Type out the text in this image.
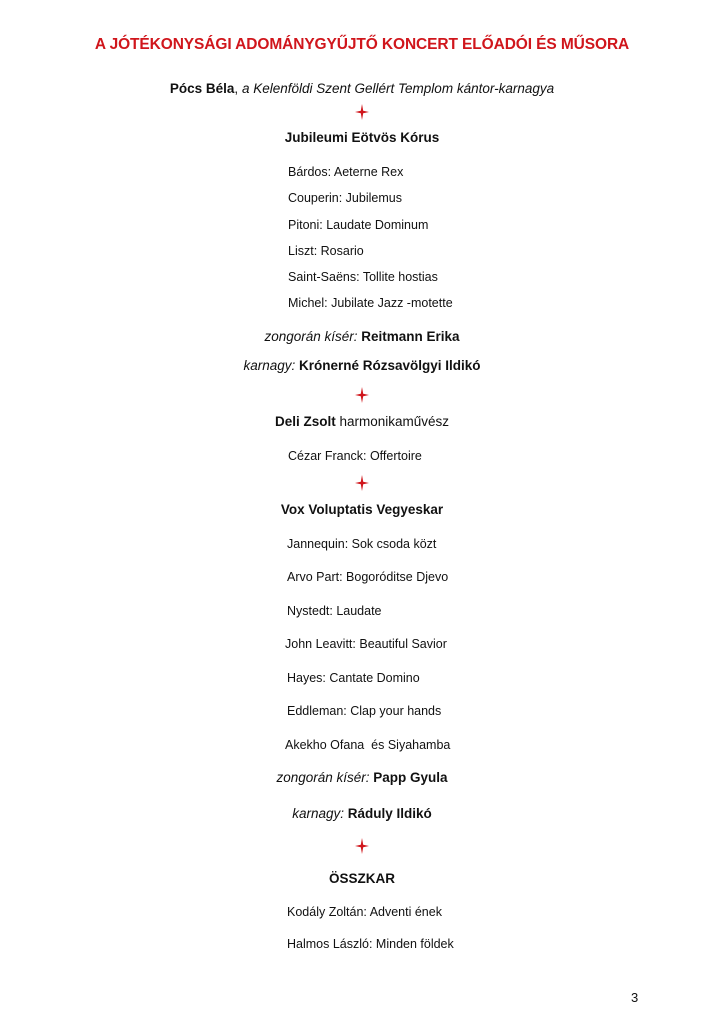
A JÓTÉKONYSÁGI ADOMÁNYGYŰJTŐ KONCERT ELŐADÓI ÉS MŰSORA
Pócs Béla, a Kelenföldi Szent Gellért Templom kántor-karnagya
Jubileumi Eötvös Kórus
Bárdos: Aeterne Rex
Couperin: Jubilemus
Pitoni: Laudate Dominum
Liszt: Rosario
Saint-Saëns: Tollite hostias
Michel: Jubilate Jazz -motette
zongorán kísér: Reitmann Erika
karnagy: Krónerné Rózsavölgyi Ildikó
Deli Zsolt harmonikaművész
Cézar Franck: Offertoire
Vox Voluptatis Vegyeskar
Jannequin: Sok csoda közt
Arvo Part: Bogoróditse Djevo
Nystedt: Laudate
John Leavitt: Beautiful Savior
Hayes: Cantate Domino
Eddleman: Clap your hands
Akekho Ofana  és Siyahamba
zongorán kísér: Papp Gyula
karnagy: Ráduly Ildikó
ÖSSZKAR
Kodály Zoltán: Adventi ének
Halmos László: Minden földek
3
